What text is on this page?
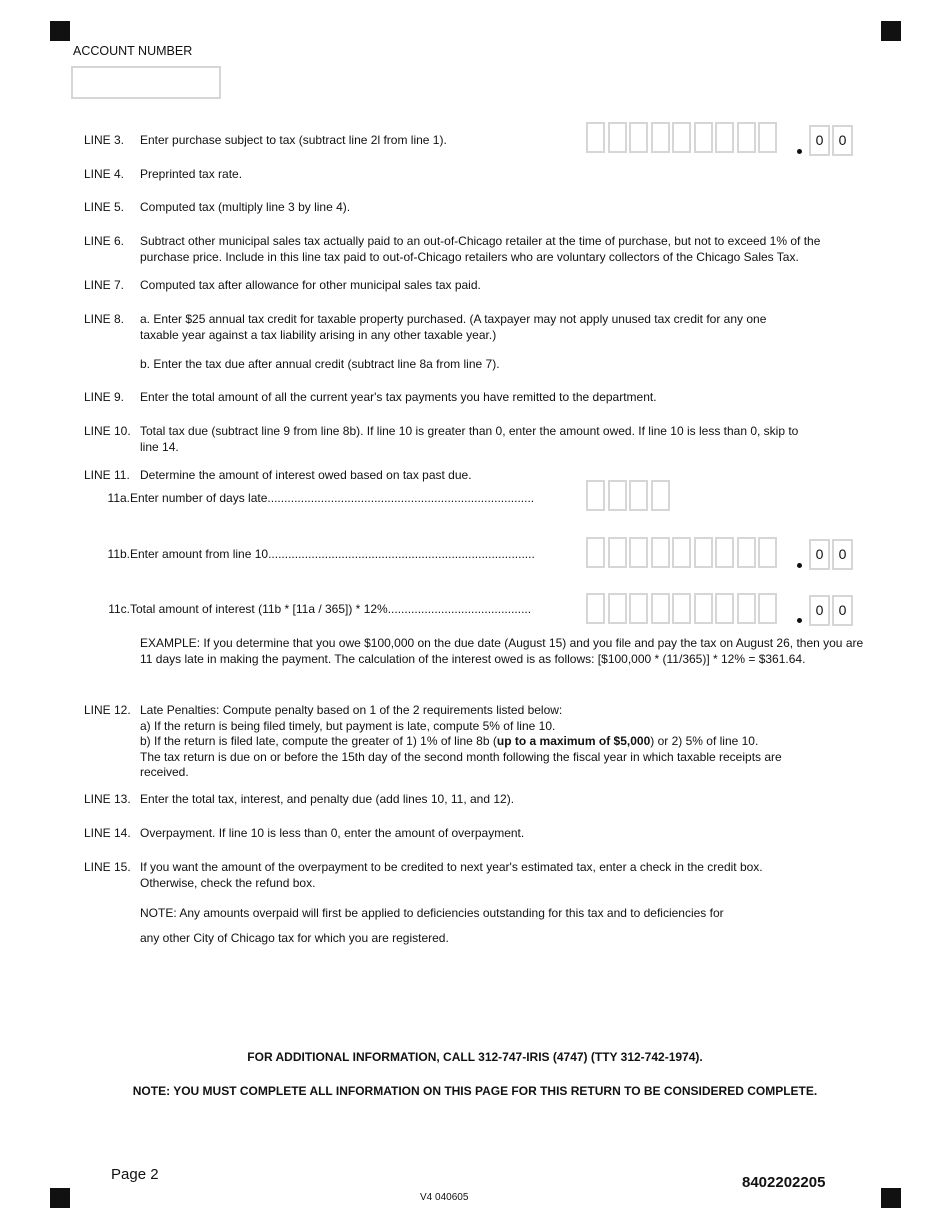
ACCOUNT NUMBER
LINE 3.	Enter purchase subject to tax (subtract line 2l from line 1).	0	0
LINE 4.	Preprinted tax rate.
LINE 5.	Computed tax (multiply line 3 by line 4).
LINE 6.	Subtract other municipal sales tax actually paid to an out-of-Chicago retailer at the time of purchase, but not to exceed 1% of the purchase price. Include in this line tax paid to out-of-Chicago retailers who are voluntary collectors of the Chicago Sales Tax.
LINE 7.	Computed tax after allowance for other municipal sales tax paid.
LINE 8.	a. Enter $25 annual tax credit for taxable property purchased. (A taxpayer may not apply unused tax credit for any one taxable year against a tax liability arising in any other taxable year.)
b. Enter the tax due after annual credit (subtract line 8a from line 7).
LINE 9.	Enter the total amount of all the current year's tax payments you have remitted to the department.
LINE 10. Total tax due (subtract line 9 from line 8b). If line 10 is greater than 0, enter the amount owed. If line 10 is less than 0, skip to line 14.
LINE 11. Determine the amount of interest owed based on tax past due.
11a. Enter number of days late................................................................................
11b. Enter amount from line 10................................................................................	0	0
11c. Total amount of interest (11b * [11a / 365]) * 12%...........................................	0	0
EXAMPLE: If you determine that you owe $100,000 on the due date (August 15) and you file and pay the tax on August 26, then you are 11 days late in making the payment. The calculation of the interest owed is as follows: [$100,000 * (11/365)] * 12% = $361.64.
LINE 12. Late Penalties: Compute penalty based on 1 of the 2 requirements listed below:
a) If the return is being filed timely, but payment is late, compute 5% of line 10.
b) If the return is filed late, compute the greater of 1) 1% of line 8b (up to a maximum of $5,000) or 2) 5% of line 10.
The tax return is due on or before the 15th day of the second month following the fiscal year in which taxable receipts are received.
LINE 13. Enter the total tax, interest, and penalty due (add lines 10, 11, and 12).
LINE 14. Overpayment. If line 10 is less than 0, enter the amount of overpayment.
LINE 15. If you want the amount of the overpayment to be credited to next year's estimated tax, enter a check in the credit box. Otherwise, check the refund box.
NOTE: Any amounts overpaid will first be applied to deficiencies outstanding for this tax and to deficiencies for
any other City of Chicago tax for which you are registered.
FOR ADDITIONAL INFORMATION, CALL 312-747-IRIS (4747) (TTY 312-742-1974).
NOTE: YOU MUST COMPLETE ALL INFORMATION ON THIS PAGE FOR THIS RETURN TO BE CONSIDERED COMPLETE.
Page 2
V4 040605
8402202205
